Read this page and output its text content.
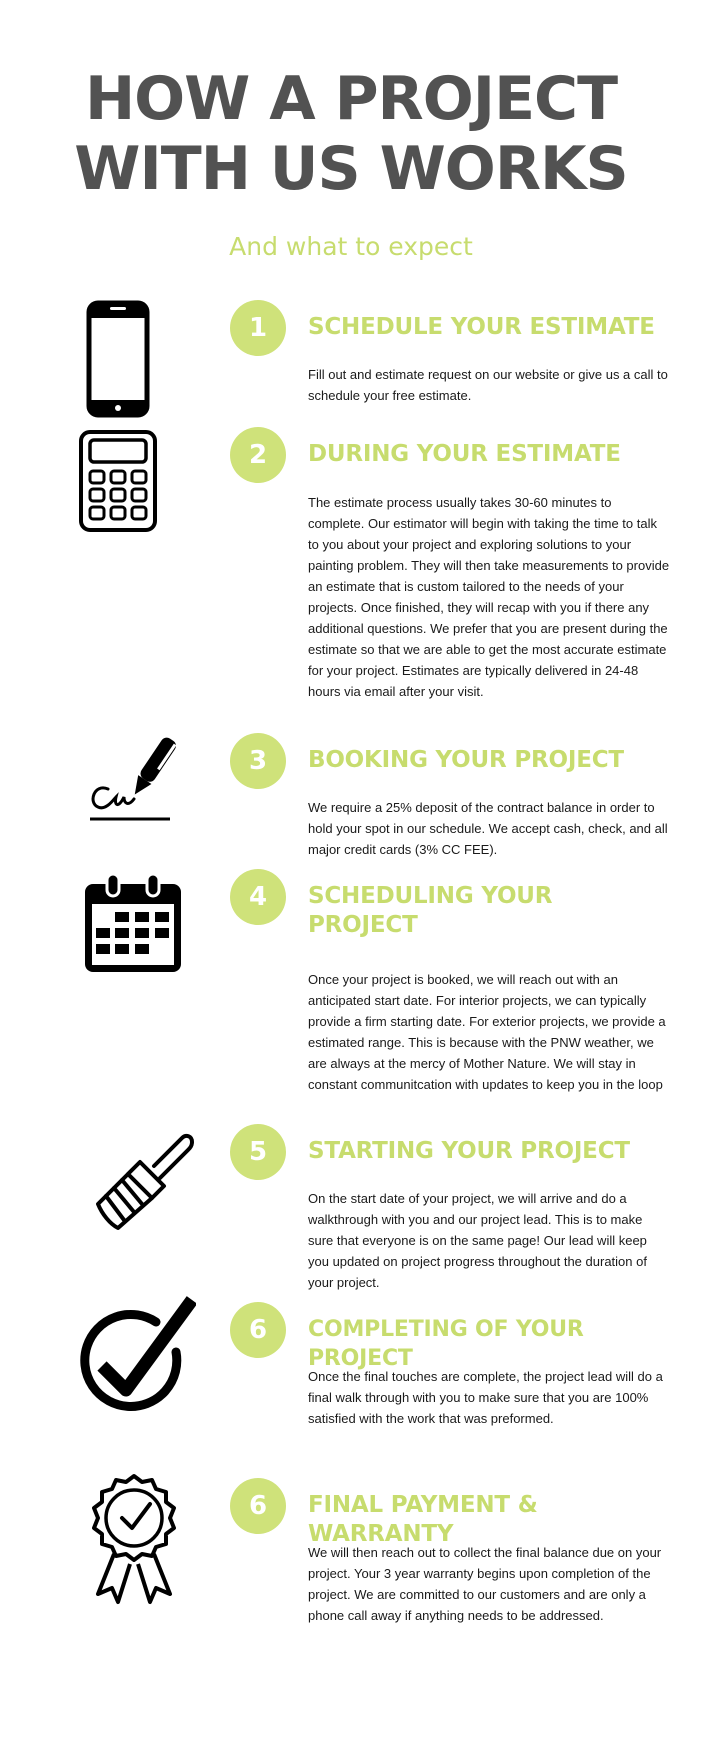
HOW A PROJECT
WITH US WORKS
And what to expect
1	SCHEDULE YOUR ESTIMATE

Fill out and estimate request on our website or give us a call to schedule your free estimate.

2	DURING YOUR ESTIMATE

The estimate process usually takes 30-60 minutes to complete. Our estimator will begin with taking the time to talk to you about your project and exploring solutions to your painting problem. They will then take measurements to provide an estimate that is custom tailored to the needs of your projects. Once finished, they will recap with you if there any additional questions. We prefer that you are present during the estimate so that we are able to get the most accurate estimate for your project. Estimates are typically delivered in 24-48 hours via email after your visit.

3	BOOKING YOUR PROJECT

We require a 25% deposit of the contract balance in order to hold your spot in our schedule. We accept cash, check, and all major credit cards (3% CC FEE).

4	SCHEDULING YOUR PROJECT

Once your project is booked, we will reach out with an anticipated start date. For interior projects, we can typically provide a firm starting date. For exterior projects, we provide a estimated range. This is because with the PNW weather, we are always at the mercy of Mother Nature. We will stay in constant communitcation with updates to keep you in the loop

5	STARTING YOUR PROJECT

On the start date of your project, we will arrive and do a walkthrough with you and our project lead. This is to make sure that everyone is on the same page! Our lead will keep you updated on project progress throughout the duration of your project.

6	COMPLETING OF YOUR PROJECT

Once the final touches are complete, the project lead will do a final walk through with you to make sure that you are 100% satisfied with the work that was preformed.

6	FINAL PAYMENT & WARRANTY

We will then reach out to collect the final balance due on your project. Your 3 year warranty begins upon completion of the project. We are committed to our customers and are only a phone call away if anything needs to be addressed.
